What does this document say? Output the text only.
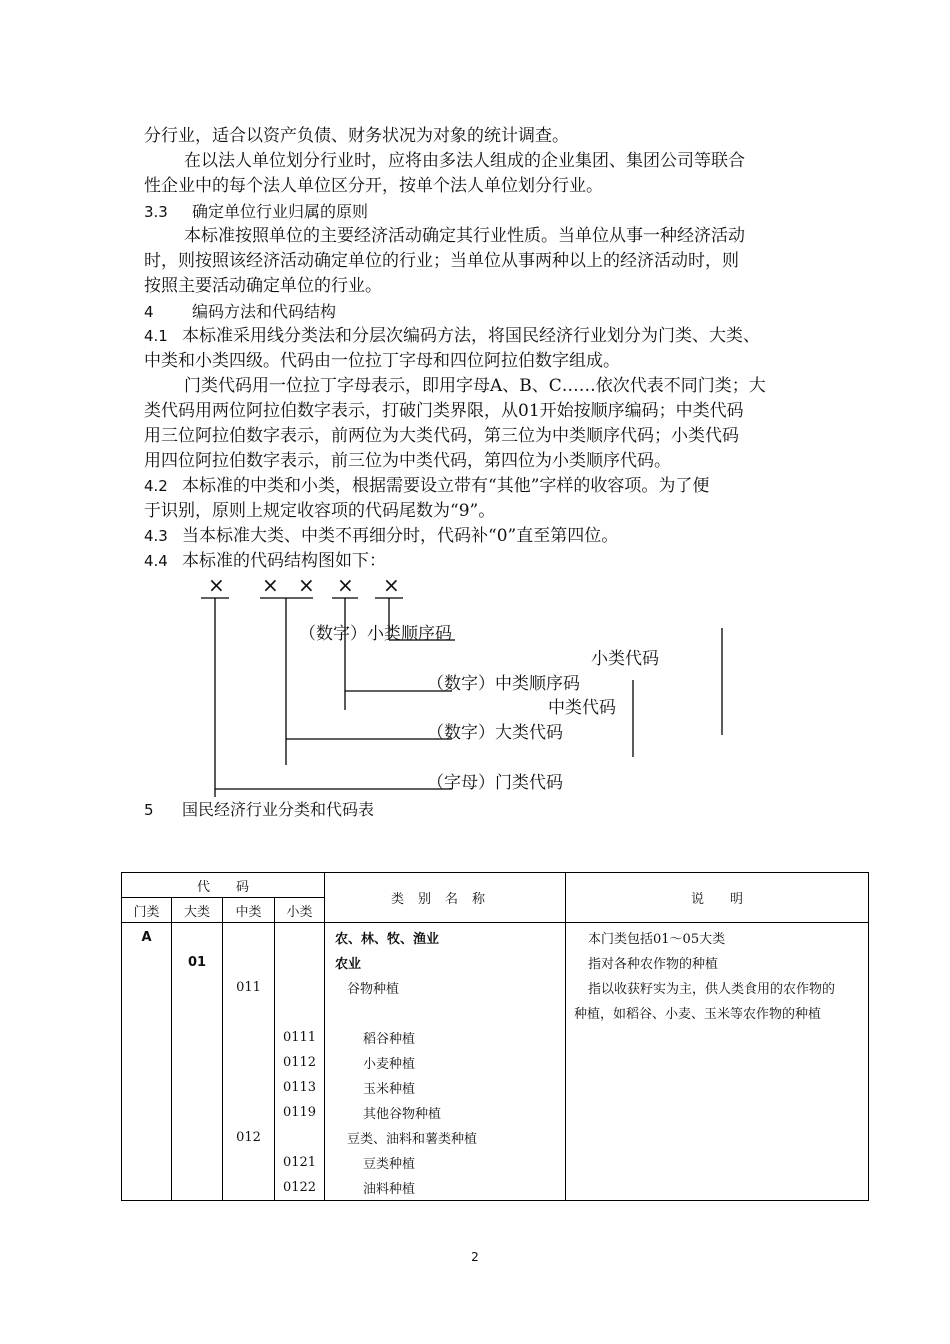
分行业，适合以资产负债、财务状况为对象的统计调查。
在以法人单位划分行业时，应将由多法人组成的企业集团、集团公司等联合
性企业中的每个法人单位区分开，按单个法人单位划分行业。
3.3 确定单位行业归属的原则
本标准按照单位的主要经济活动确定其行业性质。当单位从事一种经济活动
时，则按照该经济活动确定单位的行业；当单位从事两种以上的经济活动时，则
按照主要活动确定单位的行业。
4 编码方法和代码结构
4.1 本标准采用线分类法和分层次编码方法，将国民经济行业划分为门类、大类、
中类和小类四级。代码由一位拉丁字母和四位阿拉伯数字组成。
门类代码用一位拉丁字母表示，即用字母A、B、C……依次代表不同门类；大
类代码用两位阿拉伯数字表示，打破门类界限，从01开始按顺序编码；中类代码
用三位阿拉伯数字表示，前两位为大类代码，第三位为中类顺序代码；小类代码
用四位阿拉伯数字表示，前三位为中类代码，第四位为小类顺序代码。
4.2 本标准的中类和小类，根据需要设立带有“其他”字样的收容项。为了便
于识别，原则上规定收容项的代码尾数为“9”。
4.3 当本标准大类、中类不再细分时，代码补“0”直至第四位。
4.4 本标准的代码结构图如下：
× × × × ×
（数字）小类顺序码
小类代码
（数字）中类顺序码
中类代码
（数字）大类代码
（字母）门类代码
5 国民经济行业分类和代码表
代　　码				类别名称	说　　明
门类	大类	中类	小类		
A				农、林、牧、渔业	本门类包括01～05大类
	01			农业	指对各种农作物的种植
		011		谷物种植	指以收获籽实为主，供人类食用的农作物的
					种植，如稻谷、小麦、玉米等农作物的种植
			0111	稻谷种植	
			0112	小麦种植	
			0113	玉米种植	
			0119	其他谷物种植	
		012		豆类、油料和薯类种植	
			0121	豆类种植	
			0122	油料种植	
2
